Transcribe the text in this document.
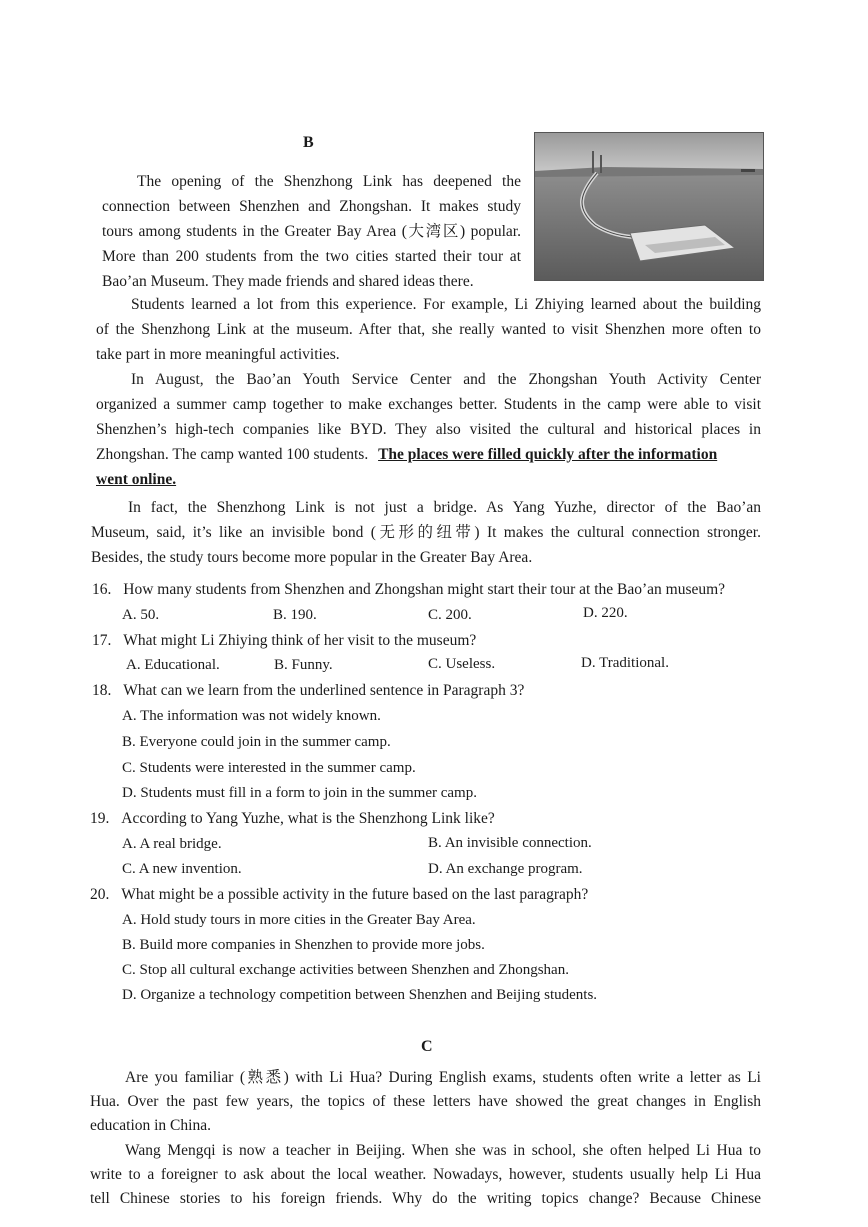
B
The opening of the Shenzhong Link has deepened the
connection between Shenzhen and Zhongshan. It makes study
tours among students in the Greater Bay Area (大湾区) popular.
More than 200 students from the two cities started their tour at
Bao’an Museum. They made friends and shared ideas there.
Students learned a lot from this experience. For example, Li Zhiying learned about the building
of the Shenzhong Link at the museum. After that, she really wanted to visit Shenzhen more often to
take part in more meaningful activities.
In August, the Bao’an Youth Service Center and the Zhongshan Youth Activity Center
organized a summer camp together to make exchanges better. Students in the camp were able to visit
Shenzhen’s high-tech companies like BYD. They also visited the cultural and historical places in
Zhongshan. The camp wanted 100 students. The places were filled quickly after the information
went online.
In fact, the Shenzhong Link is not just a bridge. As Yang Yuzhe, director of the Bao’an
Museum, said, it’s like an invisible bond (无形的纽带) It makes the cultural connection stronger.
Besides, the study tours become more popular in the Greater Bay Area.
16. How many students from Shenzhen and Zhongshan might start their tour at the Bao’an museum?
A. 50.	B. 190.	C. 200.	D. 220.
17. What might Li Zhiying think of her visit to the museum?
A. Educational.	B. Funny.	C. Useless.	D. Traditional.
18. What can we learn from the underlined sentence in Paragraph 3?
A. The information was not widely known.
B. Everyone could join in the summer camp.
C. Students were interested in the summer camp.
D. Students must fill in a form to join in the summer camp.
19. According to Yang Yuzhe, what is the Shenzhong Link like?
A. A real bridge.	B. An invisible connection.
C. A new invention.	D. An exchange program.
20. What might be a possible activity in the future based on the last paragraph?
A. Hold study tours in more cities in the Greater Bay Area.
B. Build more companies in Shenzhen to provide more jobs.
C. Stop all cultural exchange activities between Shenzhen and Zhongshan.
D. Organize a technology competition between Shenzhen and Beijing students.
C
Are you familiar (熟悉) with Li Hua? During English exams, students often write a letter as Li
Hua. Over the past few years, the topics of these letters have showed the great changes in English
education in China.
Wang Mengqi is now a teacher in Beijing. When she was in school, she often helped Li Hua to
write to a foreigner to ask about the local weather. Nowadays, however, students usually help Li Hua
tell Chinese stories to his foreign friends. Why do the writing topics change? Because Chinese
